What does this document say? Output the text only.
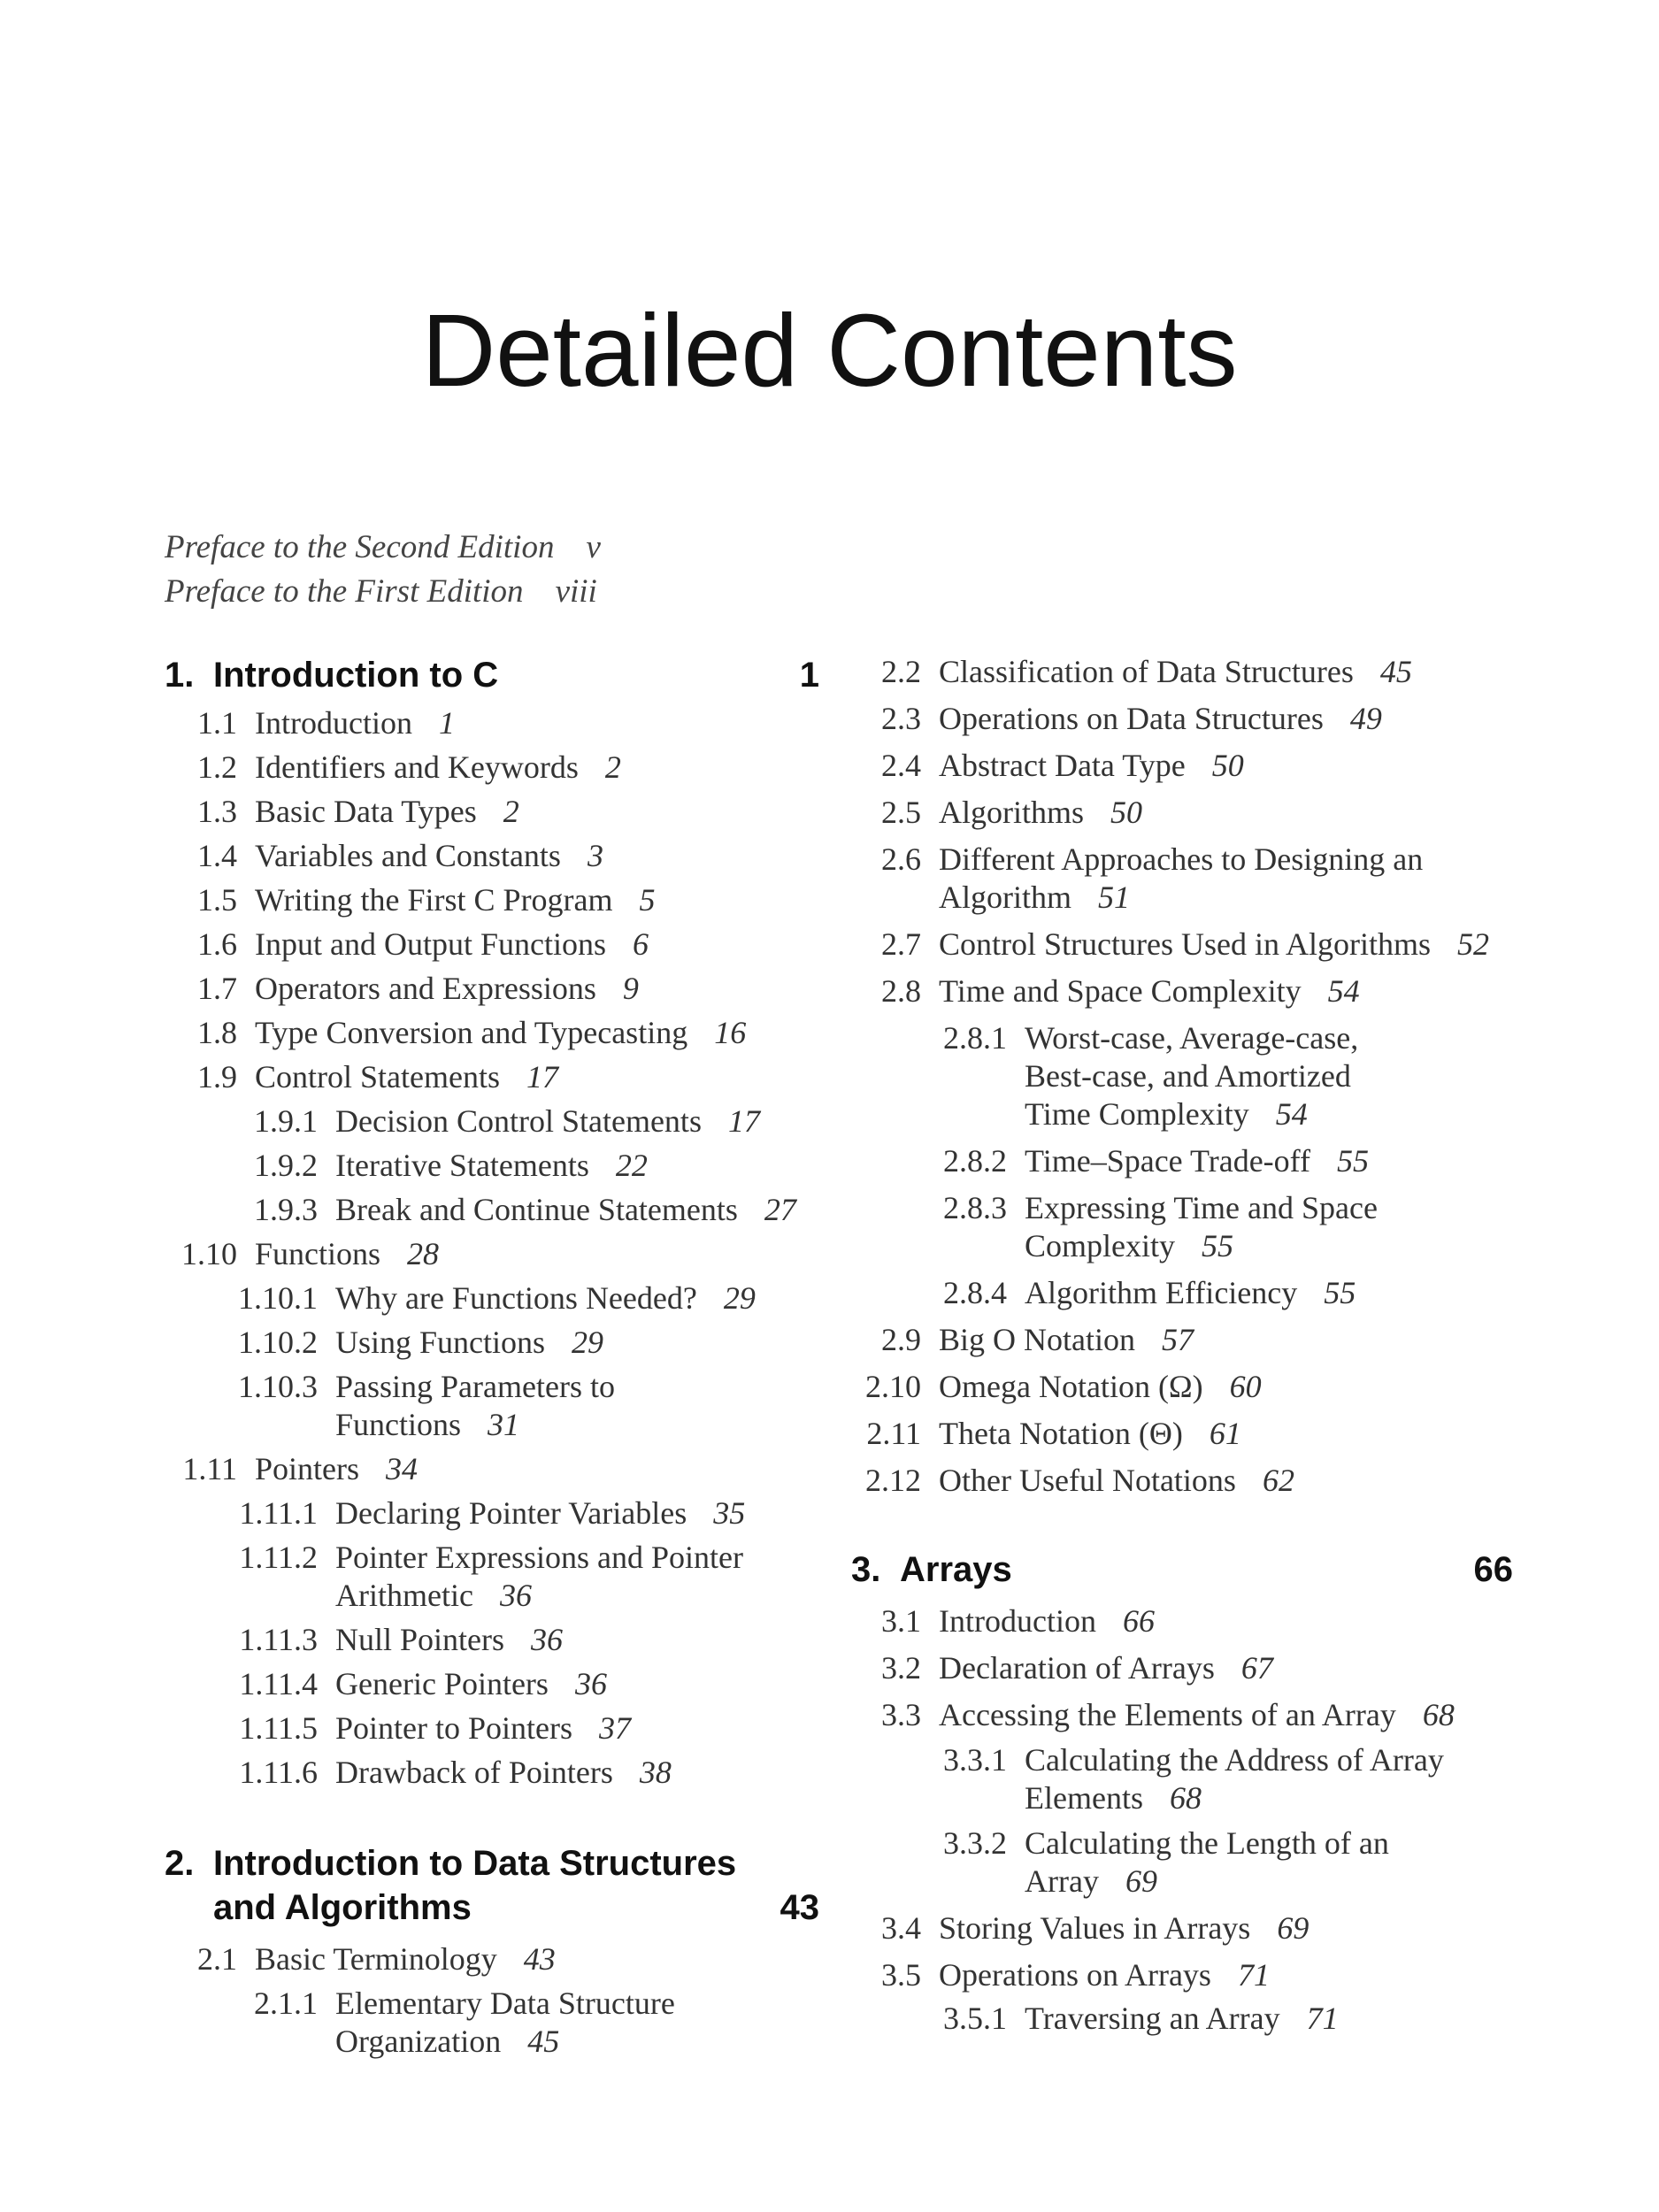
Detailed Contents
Preface to the Second Edition v
Preface to the First Edition viii
1. Introduction to C	1
1.1 Introduction 1
1.2 Identifiers and Keywords 2
1.3 Basic Data Types 2
1.4 Variables and Constants 3
1.5 Writing the First C Program 5
1.6 Input and Output Functions 6
1.7 Operators and Expressions 9
1.8 Type Conversion and Typecasting 16
1.9 Control Statements 17
1.9.1 Decision Control Statements 17
1.9.2 Iterative Statements 22
1.9.3 Break and Continue Statements 27
1.10 Functions 28
1.10.1 Why are Functions Needed? 29
1.10.2 Using Functions 29
1.10.3 Passing Parameters to Functions 31
1.11 Pointers 34
1.11.1 Declaring Pointer Variables 35
1.11.2 Pointer Expressions and Pointer Arithmetic 36
1.11.3 Null Pointers 36
1.11.4 Generic Pointers 36
1.11.5 Pointer to Pointers 37
1.11.6 Drawback of Pointers 38
2. Introduction to Data Structures and Algorithms	43
2.1 Basic Terminology 43
2.1.1 Elementary Data Structure Organization 45
2.2 Classification of Data Structures 45
2.3 Operations on Data Structures 49
2.4 Abstract Data Type 50
2.5 Algorithms 50
2.6 Different Approaches to Designing an Algorithm 51
2.7 Control Structures Used in Algorithms 52
2.8 Time and Space Complexity 54
2.8.1 Worst-case, Average-case, Best-case, and Amortized Time Complexity 54
2.8.2 Time–Space Trade-off 55
2.8.3 Expressing Time and Space Complexity 55
2.8.4 Algorithm Efficiency 55
2.9 Big O Notation 57
2.10 Omega Notation (Ω) 60
2.11 Theta Notation (Θ) 61
2.12 Other Useful Notations 62
3. Arrays	66
3.1 Introduction 66
3.2 Declaration of Arrays 67
3.3 Accessing the Elements of an Array 68
3.3.1 Calculating the Address of Array Elements 68
3.3.2 Calculating the Length of an Array 69
3.4 Storing Values in Arrays 69
3.5 Operations on Arrays 71
3.5.1 Traversing an Array 71
